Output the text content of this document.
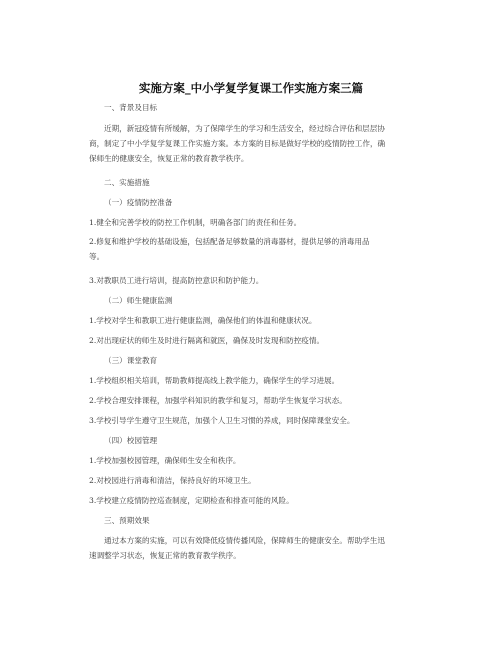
实施方案_中小学复学复课工作实施方案三篇
一、背景及目标
近期，新冠疫情有所缓解，为了保障学生的学习和生活安全，经过综合评估和层层协
商，制定了中小学复学复课工作实施方案。本方案的目标是做好学校的疫情防控工作，确
保师生的健康安全，恢复正常的教育教学秩序。
二、实施措施
（一）疫情防控准备
1.健全和完善学校的防控工作机制，明确各部门的责任和任务。
2.修复和维护学校的基础设施，包括配备足够数量的消毒器材，提供足够的消毒用品
等。
3.对教职员工进行培训，提高防控意识和防护能力。
（二）师生健康监测
1.学校对学生和教职工进行健康监测，确保他们的体温和健康状况。
2.对出现症状的师生及时进行隔离和就医，确保及时发现和防控疫情。
（三）课堂教育
1.学校组织相关培训，帮助教师提高线上教学能力，确保学生的学习进展。
2.学校合理安排课程，加强学科知识的教学和复习，帮助学生恢复学习状态。
3.学校引导学生遵守卫生规范，加强个人卫生习惯的养成，同时保障课堂安全。
（四）校园管理
1.学校加强校园管理，确保师生安全和秩序。
2.对校园进行消毒和清洁，保持良好的环境卫生。
3.学校建立疫情防控巡查制度，定期检查和排查可能的风险。
三、预期效果
通过本方案的实施，可以有效降低疫情传播风险，保障师生的健康安全。帮助学生迅
速调整学习状态，恢复正常的教育教学秩序。
